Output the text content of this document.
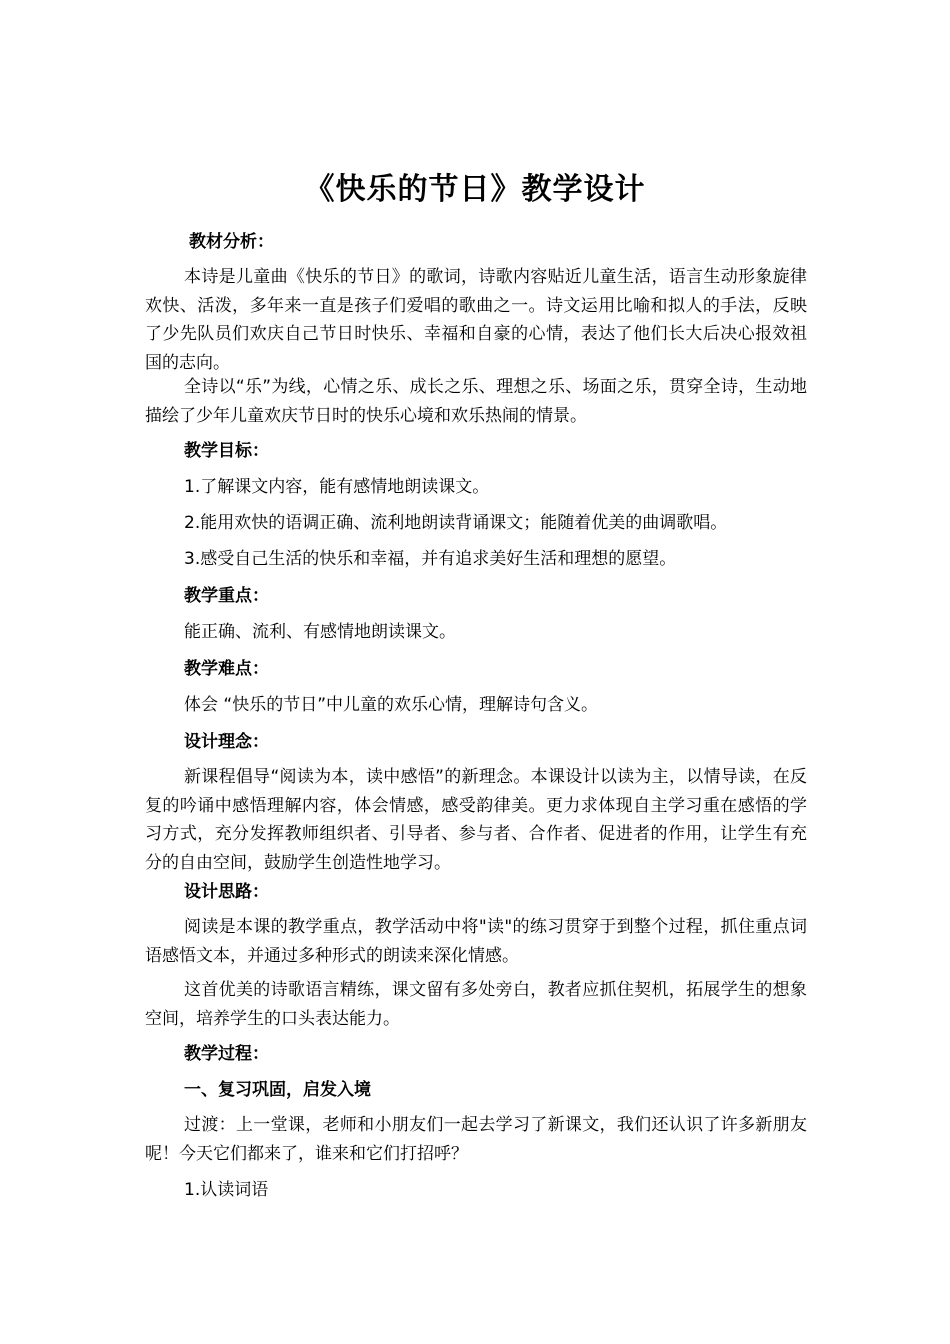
《快乐的节日》教学设计
教材分析：
本诗是儿童曲《快乐的节日》的歌词，诗歌内容贴近儿童生活，语言生动形象旋律欢快、活泼，多年来一直是孩子们爱唱的歌曲之一。诗文运用比喻和拟人的手法，反映了少先队员们欢庆自己节日时快乐、幸福和自豪的心情，表达了他们长大后决心报效祖国的志向。
全诗以“乐”为线，心情之乐、成长之乐、理想之乐、场面之乐，贯穿全诗，生动地描绘了少年儿童欢庆节日时的快乐心境和欢乐热闹的情景。
教学目标：
1.了解课文内容，能有感情地朗读课文。
2.能用欢快的语调正确、流利地朗读背诵课文；能随着优美的曲调歌唱。
3.感受自己生活的快乐和幸福，并有追求美好生活和理想的愿望。
教学重点：
能正确、流利、有感情地朗读课文。
教学难点：
体会 “快乐的节日”中儿童的欢乐心情，理解诗句含义。
设计理念：
新课程倡导“阅读为本，读中感悟”的新理念。本课设计以读为主，以情导读，在反复的吟诵中感悟理解内容，体会情感，感受韵律美。更力求体现自主学习重在感悟的学习方式，充分发挥教师组织者、引导者、参与者、合作者、促进者的作用，让学生有充分的自由空间，鼓励学生创造性地学习。
设计思路：
阅读是本课的教学重点，教学活动中将"读"的练习贯穿于到整个过程，抓住重点词语感悟文本，并通过多种形式的朗读来深化情感。
这首优美的诗歌语言精练，课文留有多处旁白，教者应抓住契机，拓展学生的想象空间，培养学生的口头表达能力。
教学过程：
一、复习巩固，启发入境
过渡：上一堂课，老师和小朋友们一起去学习了新课文，我们还认识了许多新朋友呢！今天它们都来了，谁来和它们打招呼？
1.认读词语
